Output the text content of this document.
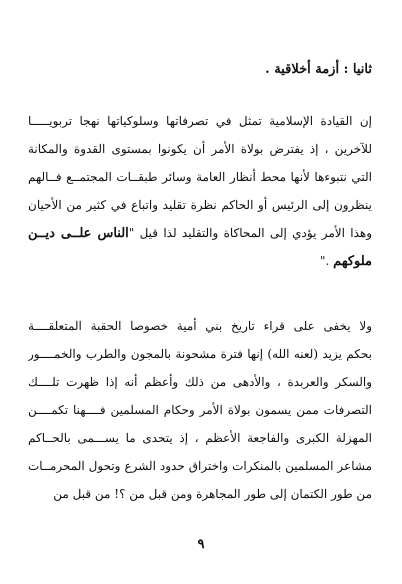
ثانيا : أزمة أخلاقية .
إن القيادة الإسلامية تمثل في تصرفاتها وسلوكياتها نهجا تربويـــــا
للآخرين ، إذ يفترض بولاة الأمر أن يكونوا بمستوى القدوة والمكانة
التي نتبوءها لأنها محط أنظار العامة وسائر طبقــات المجتمــع فــالهم
ينظرون إلى الرئيس أو الحاكم نظرة تقليد واتباع في كثير من الأحيان
وهذا الأمر يؤدي إلى المحاكاة والتقليد لذا قيل "الناس علــى ديــن
ملوكهم ."
ولا يخفى على قراء تاريخ بني أمية خصوصا الحقبة المتعلقــــة
بحكم يزيد (لعنه الله) إنها فترة مشحونة بالمجون والطرب والخمــــور
والسكر والعربدة ، والأدهى من ذلك وأعظم أنه إذا ظهرت تلــــك
التصرفات ممن يسمون بولاة الأمر وحكام المسلمين فــــهنا تكمــــن
المهزلة الكبرى والفاجعة الأعظم ، إذ يتحدى ما يســـمى بالحــاكم
مشاعر المسلمين بالمنكرات واختراق حدود الشرع وتحول المحرمــات
من طور الكتمان إلى طور المجاهرة ومن قبل من ؟! من قبل من
٩
